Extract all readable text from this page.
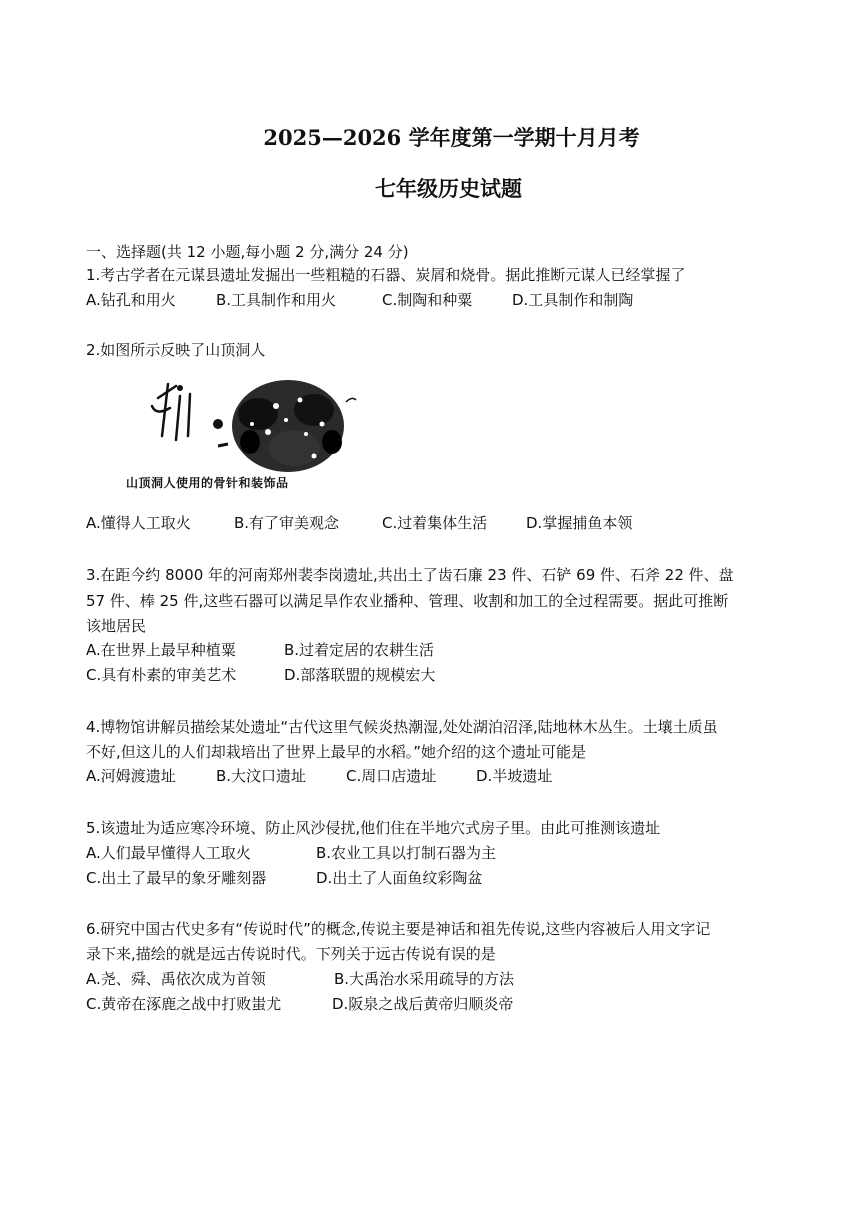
2025—2026 学年度第一学期十月月考
七年级历史试题
一、选择题(共 12 小题,每小题 2 分,满分 24 分)
1.考古学者在元谋县遗址发掘出一些粗糙的石器、炭屑和烧骨。据此推断元谋人已经掌握了
A.钻孔和用火	B.工具制作和用火	C.制陶和种粟	D.工具制作和制陶
2.如图所示反映了山顶洞人
山顶洞人使用的骨针和装饰品
A.懂得人工取火	B.有了审美观念	C.过着集体生活	D.掌握捕鱼本领
3.在距今约 8000 年的河南郑州裴李岗遗址,共出土了齿石廉 23 件、石铲 69 件、石斧 22 件、盘
57 件、棒 25 件,这些石器可以满足旱作农业播种、管理、收割和加工的全过程需要。据此可推断
该地居民
A.在世界上最早种植粟	B.过着定居的农耕生活
C.具有朴素的审美艺术	D.部落联盟的规模宏大
4.博物馆讲解员描绘某处遗址“古代这里气候炎热潮湿,处处湖泊沼泽,陆地林木丛生。土壤土质虽
不好,但这儿的人们却栽培出了世界上最早的水稻。”她介绍的这个遗址可能是
A.河姆渡遗址	B.大汶口遗址	C.周口店遗址	D.半坡遗址
5.该遗址为适应寒冷环境、防止风沙侵扰,他们住在半地穴式房子里。由此可推测该遗址
A.人们最早懂得人工取火	B.农业工具以打制石器为主
C.出土了最早的象牙雕刻器	D.出土了人面鱼纹彩陶盆
6.研究中国古代史多有“传说时代”的概念,传说主要是神话和祖先传说,这些内容被后人用文字记
录下来,描绘的就是远古传说时代。下列关于远古传说有误的是
A.尧、舜、禹依次成为首领	B.大禹治水采用疏导的方法
C.黄帝在涿鹿之战中打败蚩尤	D.阪泉之战后黄帝归顺炎帝
